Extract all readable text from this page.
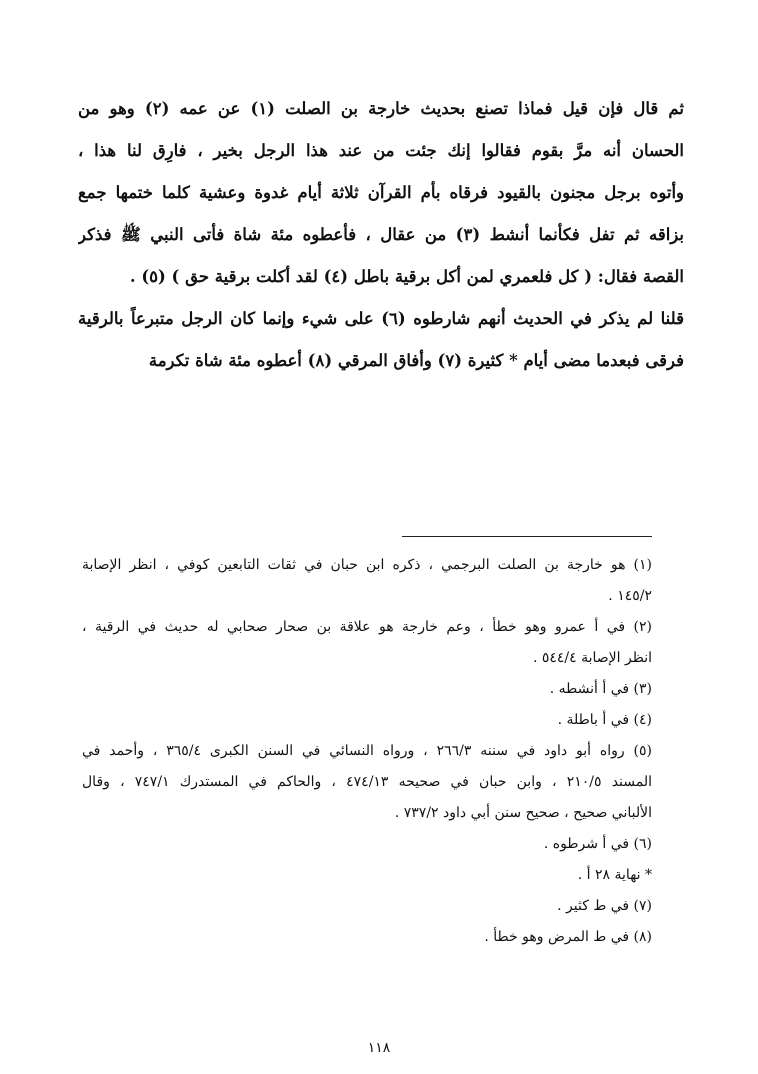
ثم قال فإن قيل فماذا تصنع بحديث خارجة بن الصلت (١) عن عمه (٢) وهو من
الحسان أنه مرَّ بقوم فقالوا إنك جئت من عند هذا الرجل بخير ، فارِق لنا هذا ،
وأتوه برجل مجنون بالقيود فرقاه بأم القرآن ثلاثة أيام غدوة وعشية كلما ختمها جمع
بزاقه ثم تفل فكأنما أنشط (٣) من عقال ، فأعطوه مئة شاة فأتى النبي ﷺ فذكر
القصة فقال: ( كل فلعمري لمن أكل برقية باطل (٤) لقد أكلت برقية حق ) (٥) .
قلنا لم يذكر في الحديث أنهم شارطوه (٦) على شيء وإنما كان الرجل متبرعاً بالرقية
فرقى فبعدما مضى أيام * كثيرة (٧) وأفاق المرقي (٨) أعطوه مئة شاة تكرمة
(١) هو خارجة بن الصلت البرجمي ، ذكره ابن حبان في ثقات التابعين كوفي ، انظر الإصابة
١٤٥/٢ .
(٢) في أ عمرو وهو خطأ ، وعم خارجة هو علاقة بن صحار صحابي له حديث في الرقية ،
انظر الإصابة ٥٤٤/٤ .
(٣) في أ أنشطه .
(٤) في أ باطلة .
(٥) رواه أبو داود في سننه ٢٦٦/٣ ، ورواه النسائي في السنن الكبرى ٣٦٥/٤ ، وأحمد في
المسند ٢١٠/٥ ، وابن حبان في صحيحه ٤٧٤/١٣ ، والحاكم في المستدرك ٧٤٧/١ ، وقال
الألباني صحيح ، صحيح سنن أبي داود ٧٣٧/٢ .
(٦) في أ شرطوه .
* نهاية ٢٨ أ .
(٧) في ط كثير .
(٨) في ط المرض وهو خطأ .
١١٨
